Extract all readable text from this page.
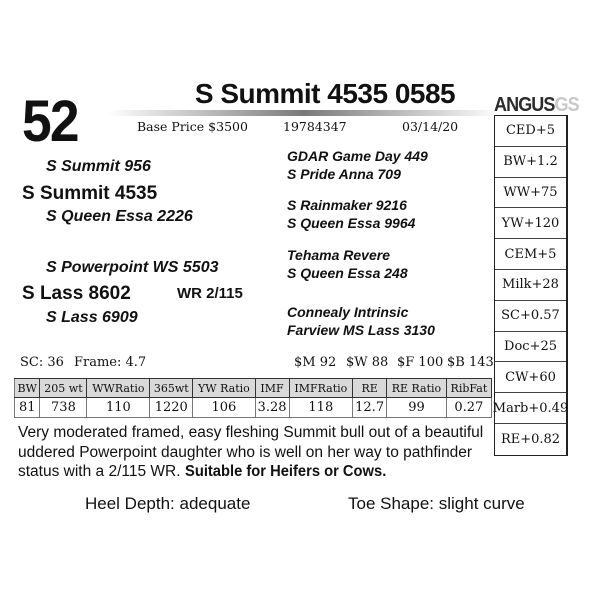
52	S Summit 4535 0585
Base Price $3500	19784347	03/14/20
ANGUSGS
CED+5
BW+1.2
WW+75
YW+120
CEM+5
Milk+28
SC+0.57
Doc+25
CW+60
Marb+0.49
RE+0.82
S Summit 956
S Summit 4535
S Queen Essa 2226
GDAR Game Day 449
S Pride Anna 709
S Rainmaker 9216
S Queen Essa 9964
S Powerpoint WS 5503
S Lass 8602	WR 2/115
S Lass 6909
Tehama Revere
S Queen Essa 248
Connealy Intrinsic
Farview MS Lass 3130
SC: 36 Frame: 4.7	$M 92 $W 88 $F 100 $B 143
BW	205 wt	WWRatio	365wt	YW Ratio	IMF	IMFRatio	RE	RE Ratio	RibFat
81	738	110	1220	106	3.28	118	12.7	99	0.27
Very moderated framed, easy fleshing Summit bull out of a beautiful uddered Powerpoint daughter who is well on her way to pathfinder status with a 2/115 WR. Suitable for Heifers or Cows.
Heel Depth: adequate	Toe Shape: slight curve
